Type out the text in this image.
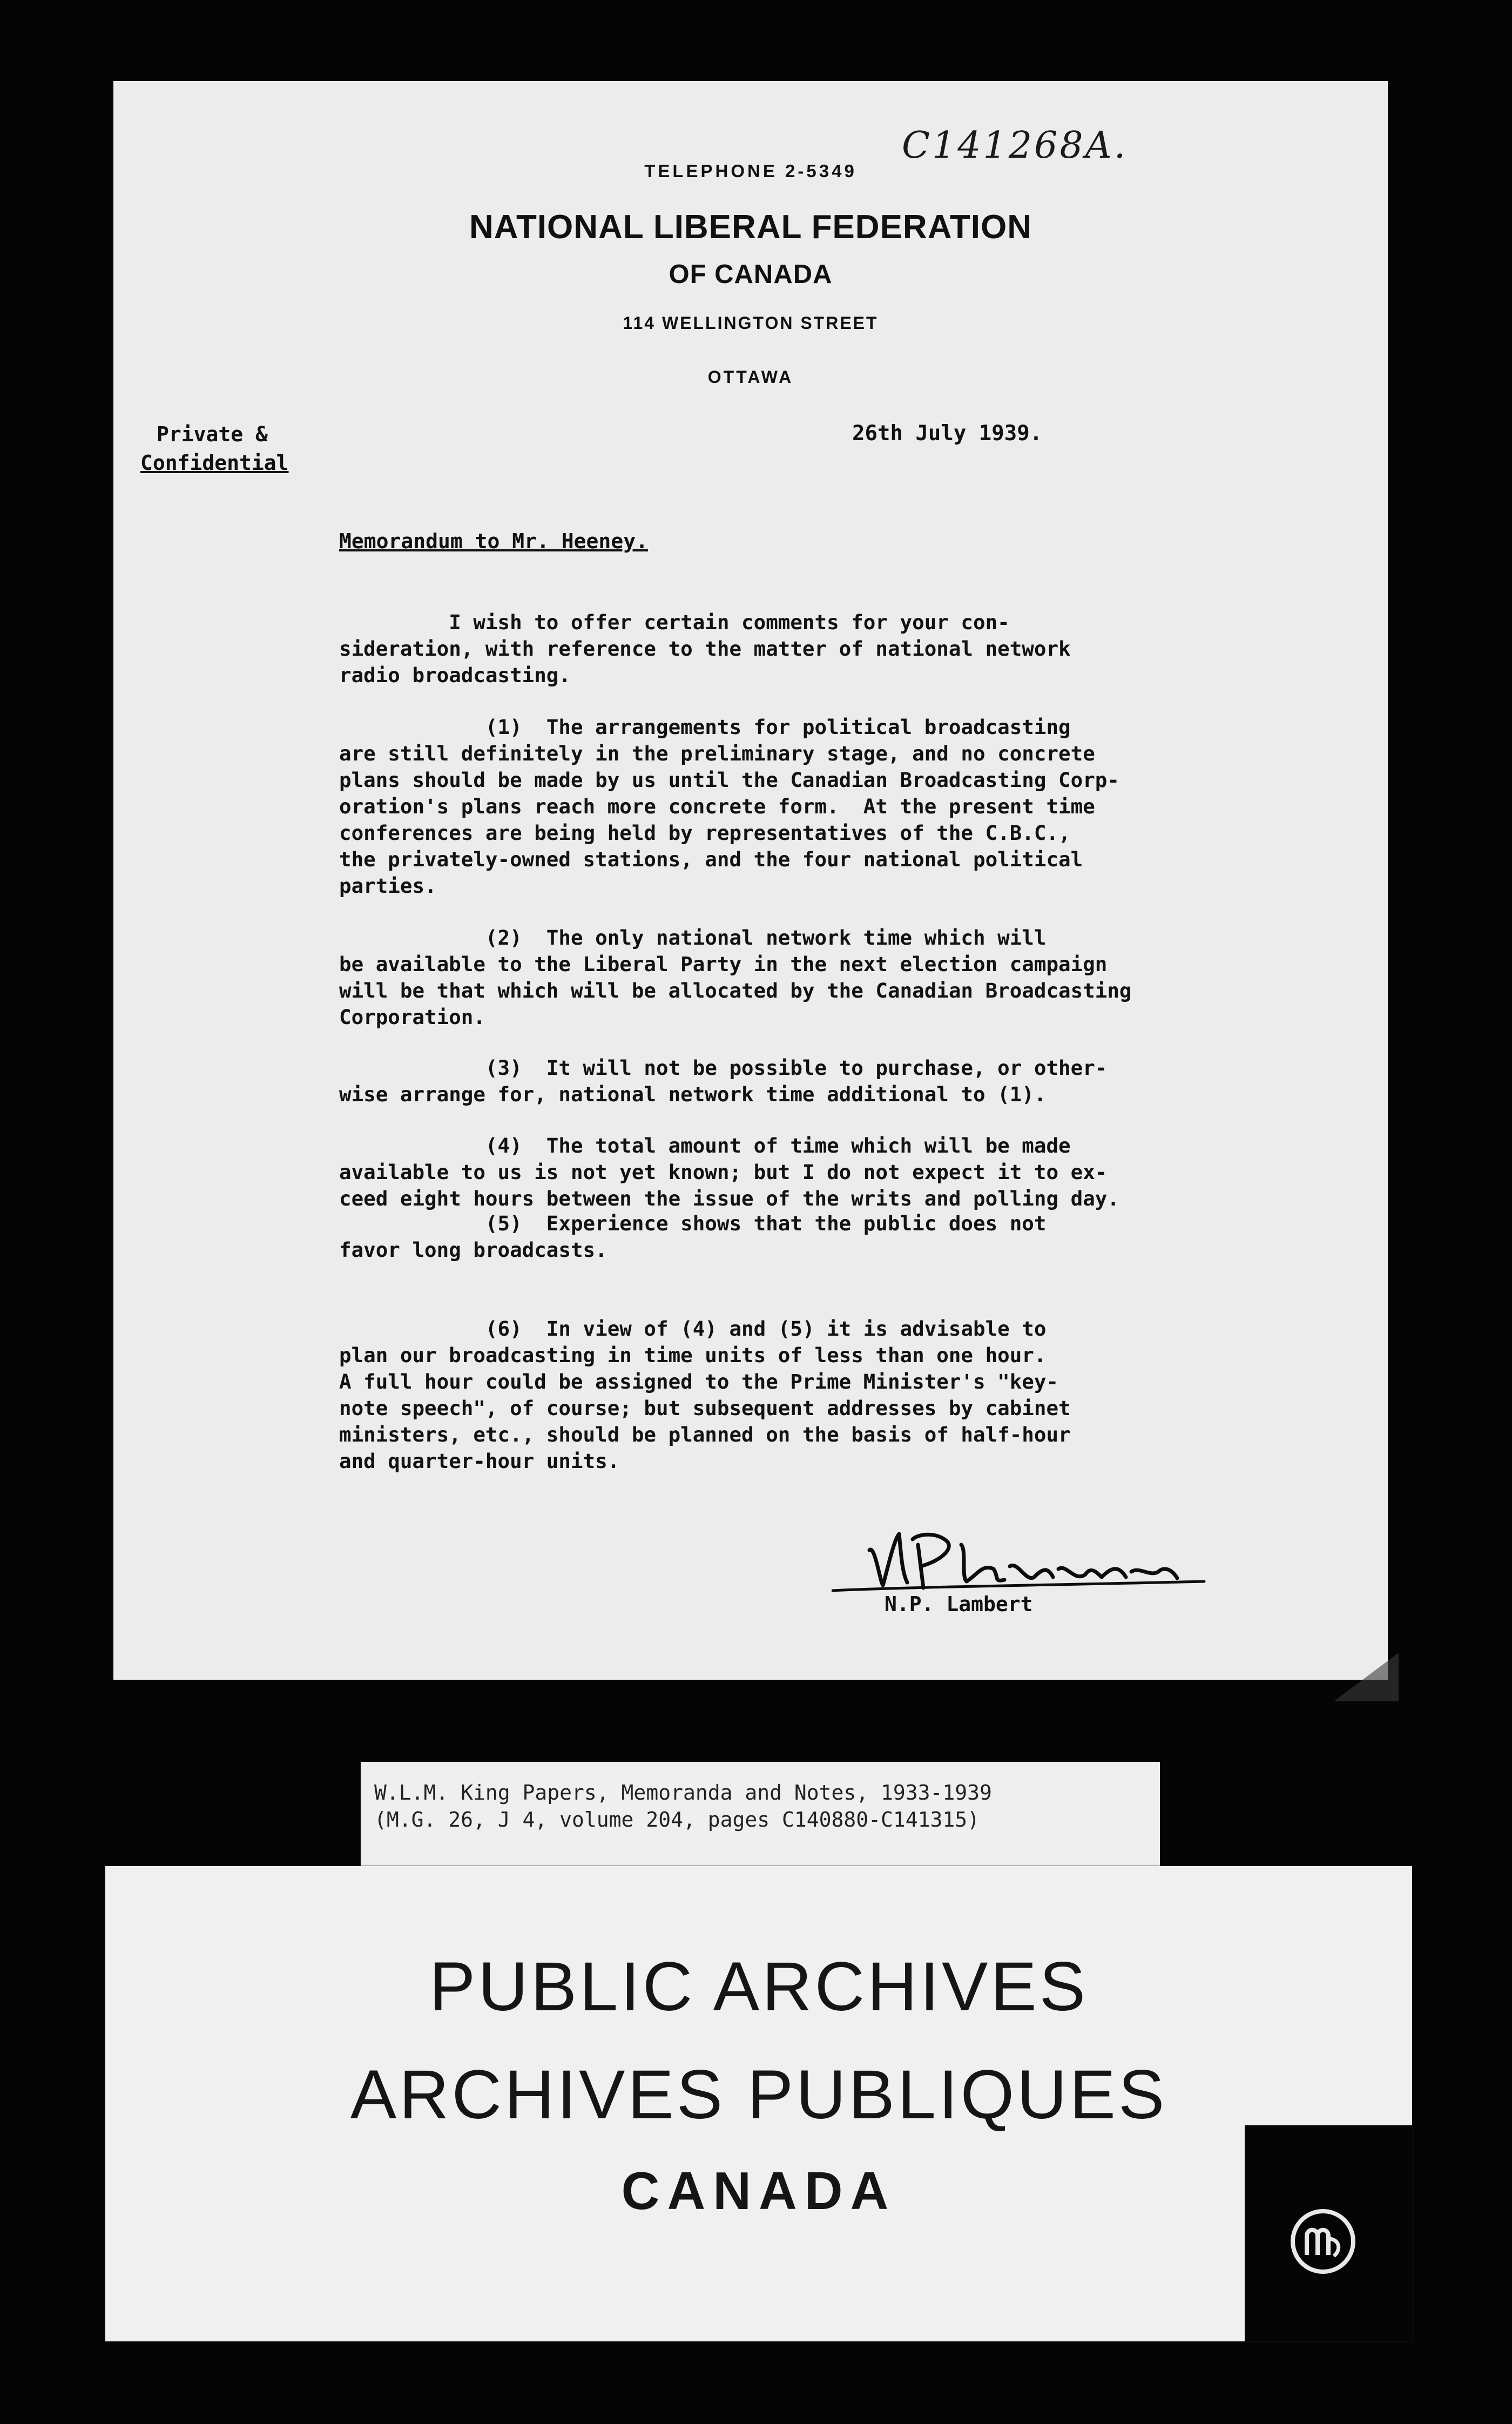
C141268A.
TELEPHONE 2-5349
NATIONAL LIBERAL FEDERATION
OF CANADA
114 WELLINGTON STREET
OTTAWA
Private &
Confidential
26th July 1939.
Memorandum to Mr. Heeney.
I wish to offer certain comments for your con-
sideration, with reference to the matter of national network
radio broadcasting.
(1)  The arrangements for political broadcasting
are still definitely in the preliminary stage, and no concrete
plans should be made by us until the Canadian Broadcasting Corp-
oration's plans reach more concrete form.  At the present time
conferences are being held by representatives of the C.B.C.,
the privately-owned stations, and the four national political
parties.
(2)  The only national network time which will
be available to the Liberal Party in the next election campaign
will be that which will be allocated by the Canadian Broadcasting
Corporation.
(3)  It will not be possible to purchase, or other-
wise arrange for, national network time additional to (1).
(4)  The total amount of time which will be made
available to us is not yet known; but I do not expect it to ex-
ceed eight hours between the issue of the writs and polling day.
(5)  Experience shows that the public does not
favor long broadcasts.
(6)  In view of (4) and (5) it is advisable to
plan our broadcasting in time units of less than one hour.
A full hour could be assigned to the Prime Minister's "key-
note speech", of course; but subsequent addresses by cabinet
ministers, etc., should be planned on the basis of half-hour
and quarter-hour units.
N.P. Lambert
W.L.M. King Papers, Memoranda and Notes, 1933-1939
(M.G. 26, J 4, volume 204, pages C140880-C141315)
PUBLIC ARCHIVES
ARCHIVES PUBLIQUES
CANADA
